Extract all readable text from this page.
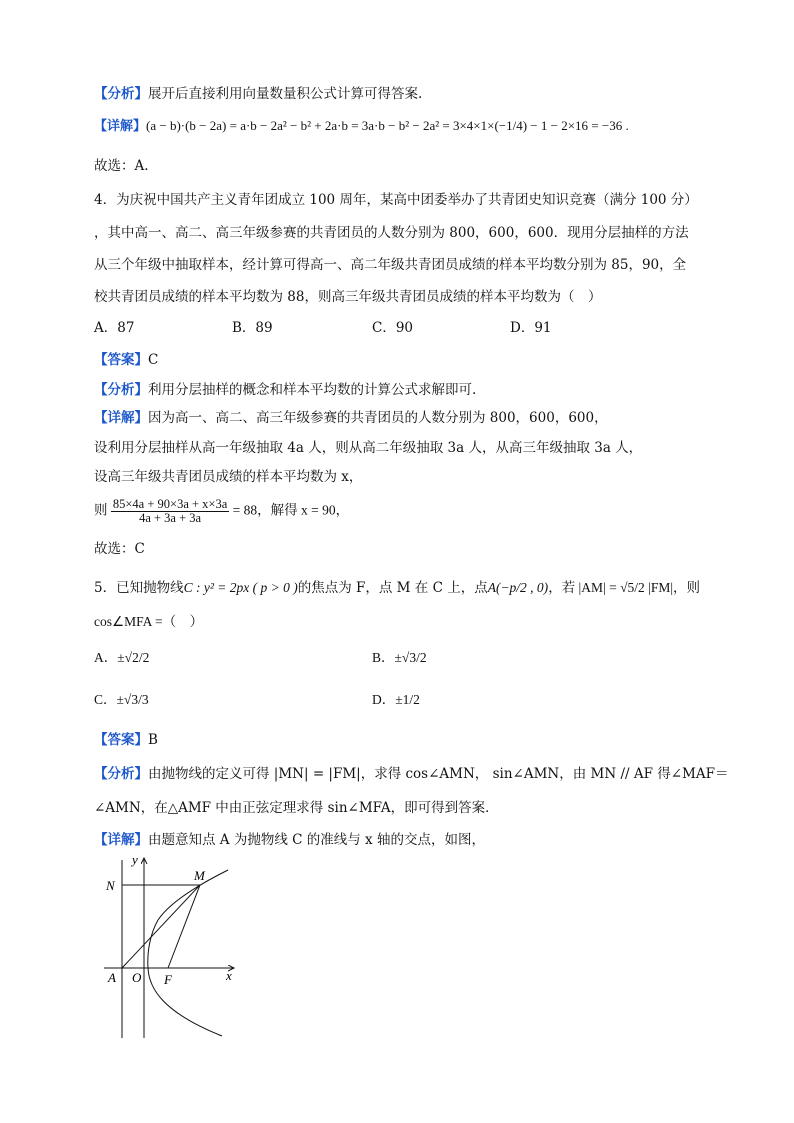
【分析】展开后直接利用向量数量积公式计算可得答案.
【详解】(a − b)·(b − 2a) = a·b − 2a² − b² + 2a·b = 3a·b − b² − 2a² = 3×4×1×(−1/4) − 1 − 2×16 = −36 .
故选：A.
4．为庆祝中国共产主义青年团成立 100 周年，某高中团委举办了共青团史知识竞赛（满分 100 分）
，其中高一、高二、高三年级参赛的共青团员的人数分别为 800，600，600．现用分层抽样的方法
从三个年级中抽取样本，经计算可得高一、高二年级共青团员成绩的样本平均数分别为 85，90，全
校共青团员成绩的样本平均数为 88，则高三年级共青团员成绩的样本平均数为（　）
A．87	B．89	C．90	D．91
【答案】C
【分析】利用分层抽样的概念和样本平均数的计算公式求解即可.
【详解】因为高一、高二、高三年级参赛的共青团员的人数分别为 800，600，600，
设利用分层抽样从高一年级抽取 4a 人，则从高二年级抽取 3a 人，从高三年级抽取 3a 人，
设高三年级共青团员成绩的样本平均数为 x，
则 $\frac{85\times 4a + 90\times 3a + x\times 3a}{4a + 3a + 3a} = 88$，解得 x = 90，
故选：C
5．已知抛物线C : y² = 2px ( p > 0 )的焦点为 F，点 M 在 C 上，点A(−p/2 , 0)，若 |AM| = √5/2 |FM|，则
cos∠MFA =（　）
A．±√2/2	B．±√3/2
C．±√3/3	D．±1/2
【答案】B
【分析】由抛物线的定义可得 |MN| = |FM|，求得 cos∠AMN， sin∠AMN，由 MN // AF 得∠MAF＝
∠AMN，在△AMF 中由正弦定理求得 sin∠MFA，即可得到答案．
【详解】由题意知点 A 为抛物线 C 的准线与 x 轴的交点，如图，
y
N
M
A O F	x
